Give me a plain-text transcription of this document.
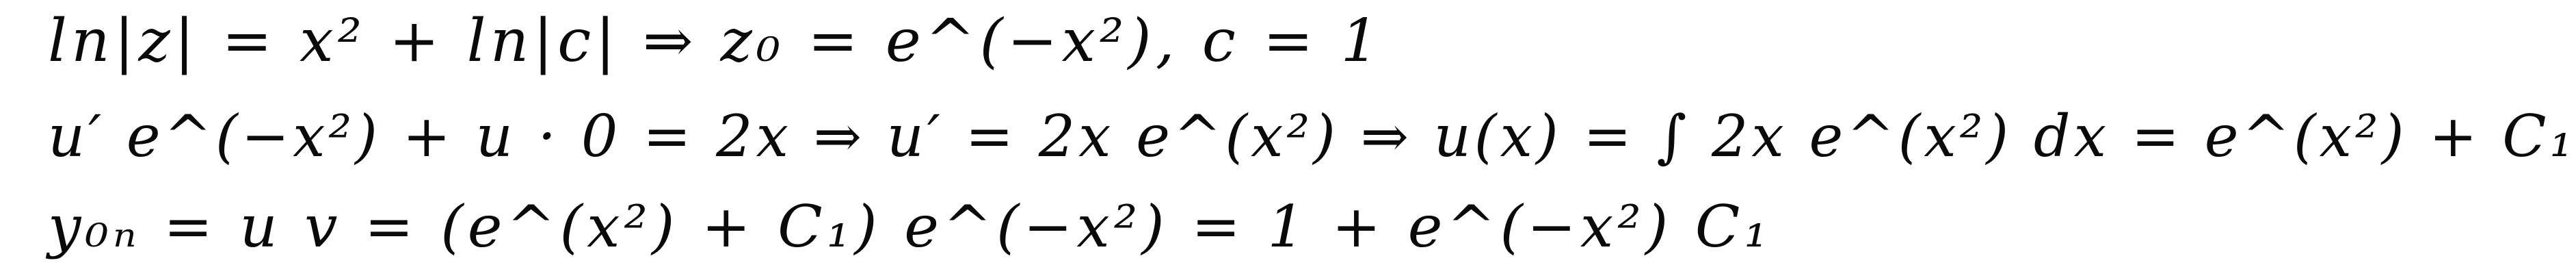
ln|z| = x² + ln|c| ⇒ z₀ = e^(−x²), c = 1
u′ e^(−x²) + u · 0 = 2x ⇒ u′ = 2x e^(x²) ⇒ u(x) = ∫ 2x e^(x²) dx = e^(x²) + C₁
y₀ₙ = u v = (e^(x²) + C₁) e^(−x²) = 1 + e^(−x²) C₁
